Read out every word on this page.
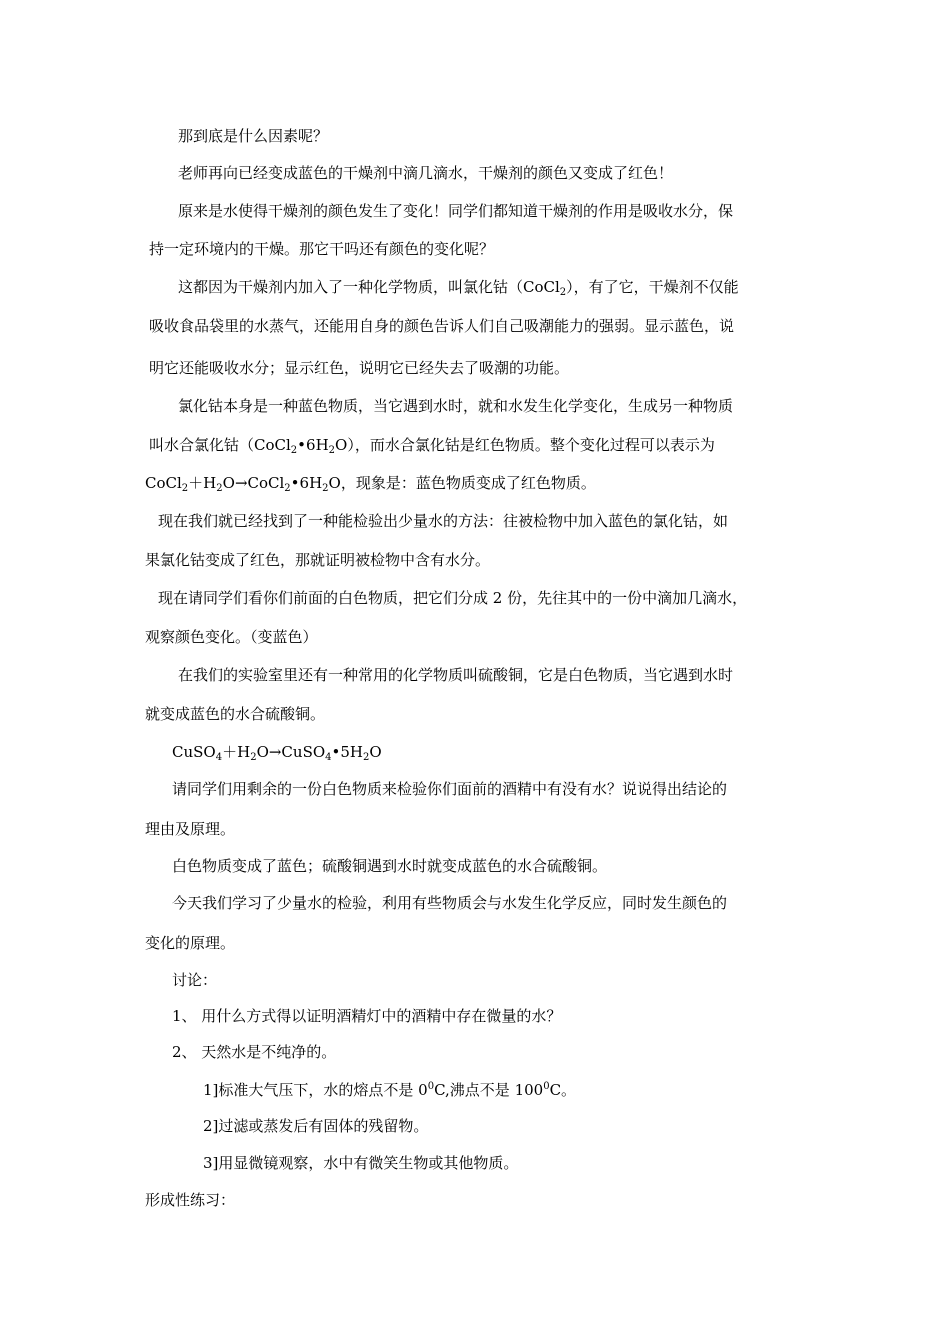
那到底是什么因素呢？

老师再向已经变成蓝色的干燥剂中滴几滴水，干燥剂的颜色又变成了红色！

原来是水使得干燥剂的颜色发生了变化！同学们都知道干燥剂的作用是吸收水分，保

持一定环境内的干燥。那它干吗还有颜色的变化呢？

这都因为干燥剂内加入了一种化学物质，叫氯化钴（CoCl$_2$），有了它，干燥剂不仅能

吸收食品袋里的水蒸气，还能用自身的颜色告诉人们自己吸潮能力的强弱。显示蓝色，说

明它还能吸收水分；显示红色，说明它已经失去了吸潮的功能。

氯化钴本身是一种蓝色物质，当它遇到水时，就和水发生化学变化，生成另一种物质

叫水合氯化钴$(CoCl_2•6H_2O)$，而水合氯化钴是红色物质。整个变化过程可以表示为

$CoCl_2+H_2O\to CoCl_2•6H_2O$，现象是：蓝色物质变成了红色物质。

现在我们就已经找到了一种能检验出少量水的方法：往被检物中加入蓝色的氯化钴，如

果氯化钴变成了红色，那就证明被检物中含有水分。

现在请同学们看你们前面的白色物质，把它们分成 2 份，先往其中的一份中滴加几滴水，

观察颜色变化。（变蓝色）

在我们的实验室里还有一种常用的化学物质叫硫酸铜，它是白色物质，当它遇到水时

就变成蓝色的水合硫酸铜。

$CuSO_4+H_2O\to CuSO_4•5H_2O$

请同学们用剩余的一份白色物质来检验你们面前的酒精中有没有水？说说得出结论的

理由及原理。

白色物质变成了蓝色；硫酸铜遇到水时就变成蓝色的水合硫酸铜。

今天我们学习了少量水的检验，利用有些物质会与水发生化学反应，同时发生颜色的

变化的原理。

讨论：

1、 用什么方式得以证明酒精灯中的酒精中存在微量的水？

2、 天然水是不纯净的。

1]标准大气压下，水的熔点不是 $0^0C$,沸点不是 $100^0C$。

2]过滤或蒸发后有固体的残留物。

3]用显微镜观察，水中有微笑生物或其他物质。

形成性练习：
